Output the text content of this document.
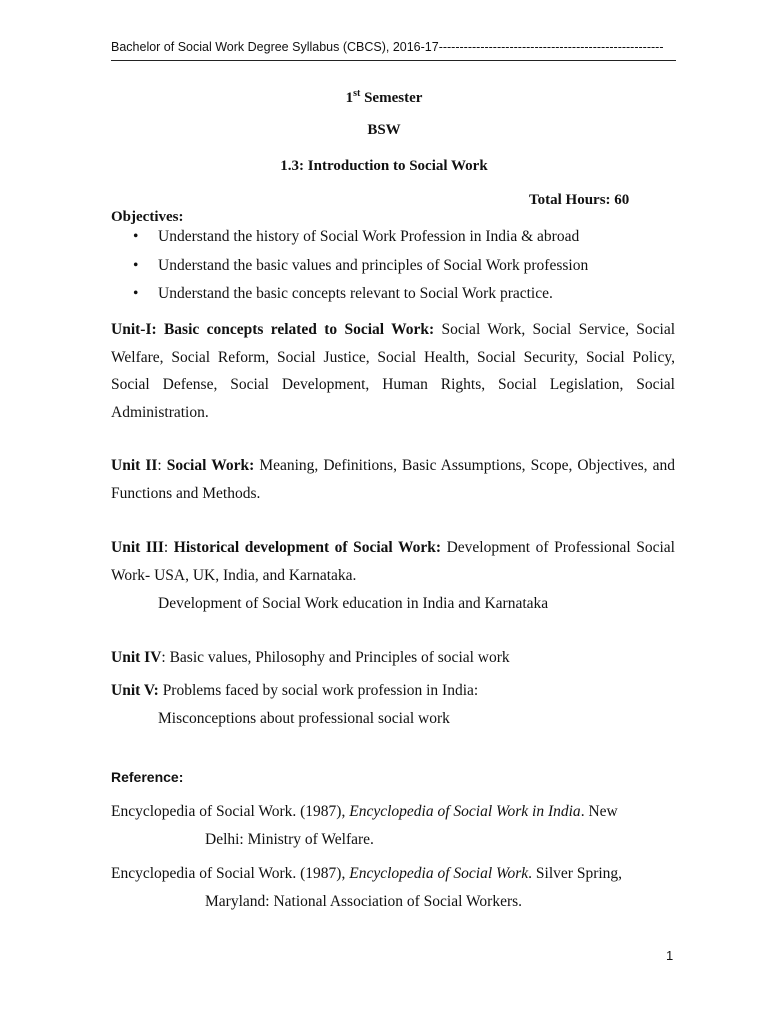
Bachelor of Social Work Degree Syllabus (CBCS), 2016-17------------------------------------------------------
1st Semester
BSW
1.3: Introduction to Social Work
Total Hours: 60
Objectives:
• Understand the history of Social Work Profession in India & abroad
• Understand the basic values and principles of Social Work profession
• Understand the basic concepts relevant to Social Work practice.
Unit-I: Basic concepts related to Social Work: Social Work, Social Service, Social Welfare, Social Reform, Social Justice, Social Health, Social Security, Social Policy, Social Defense, Social Development, Human Rights, Social Legislation, Social Administration.
Unit II: Social Work: Meaning, Definitions, Basic Assumptions, Scope, Objectives, and Functions and Methods.
Unit III: Historical development of Social Work: Development of Professional Social Work- USA, UK, India, and Karnataka.
Development of Social Work education in India and Karnataka
Unit IV: Basic values, Philosophy and Principles of social work
Unit V: Problems faced by social work profession in India:
Misconceptions about professional social work
Reference:
Encyclopedia of Social Work. (1987), Encyclopedia of Social Work in India. New
Delhi: Ministry of Welfare.
Encyclopedia of Social Work. (1987), Encyclopedia of Social Work. Silver Spring,
Maryland: National Association of Social Workers.
1
